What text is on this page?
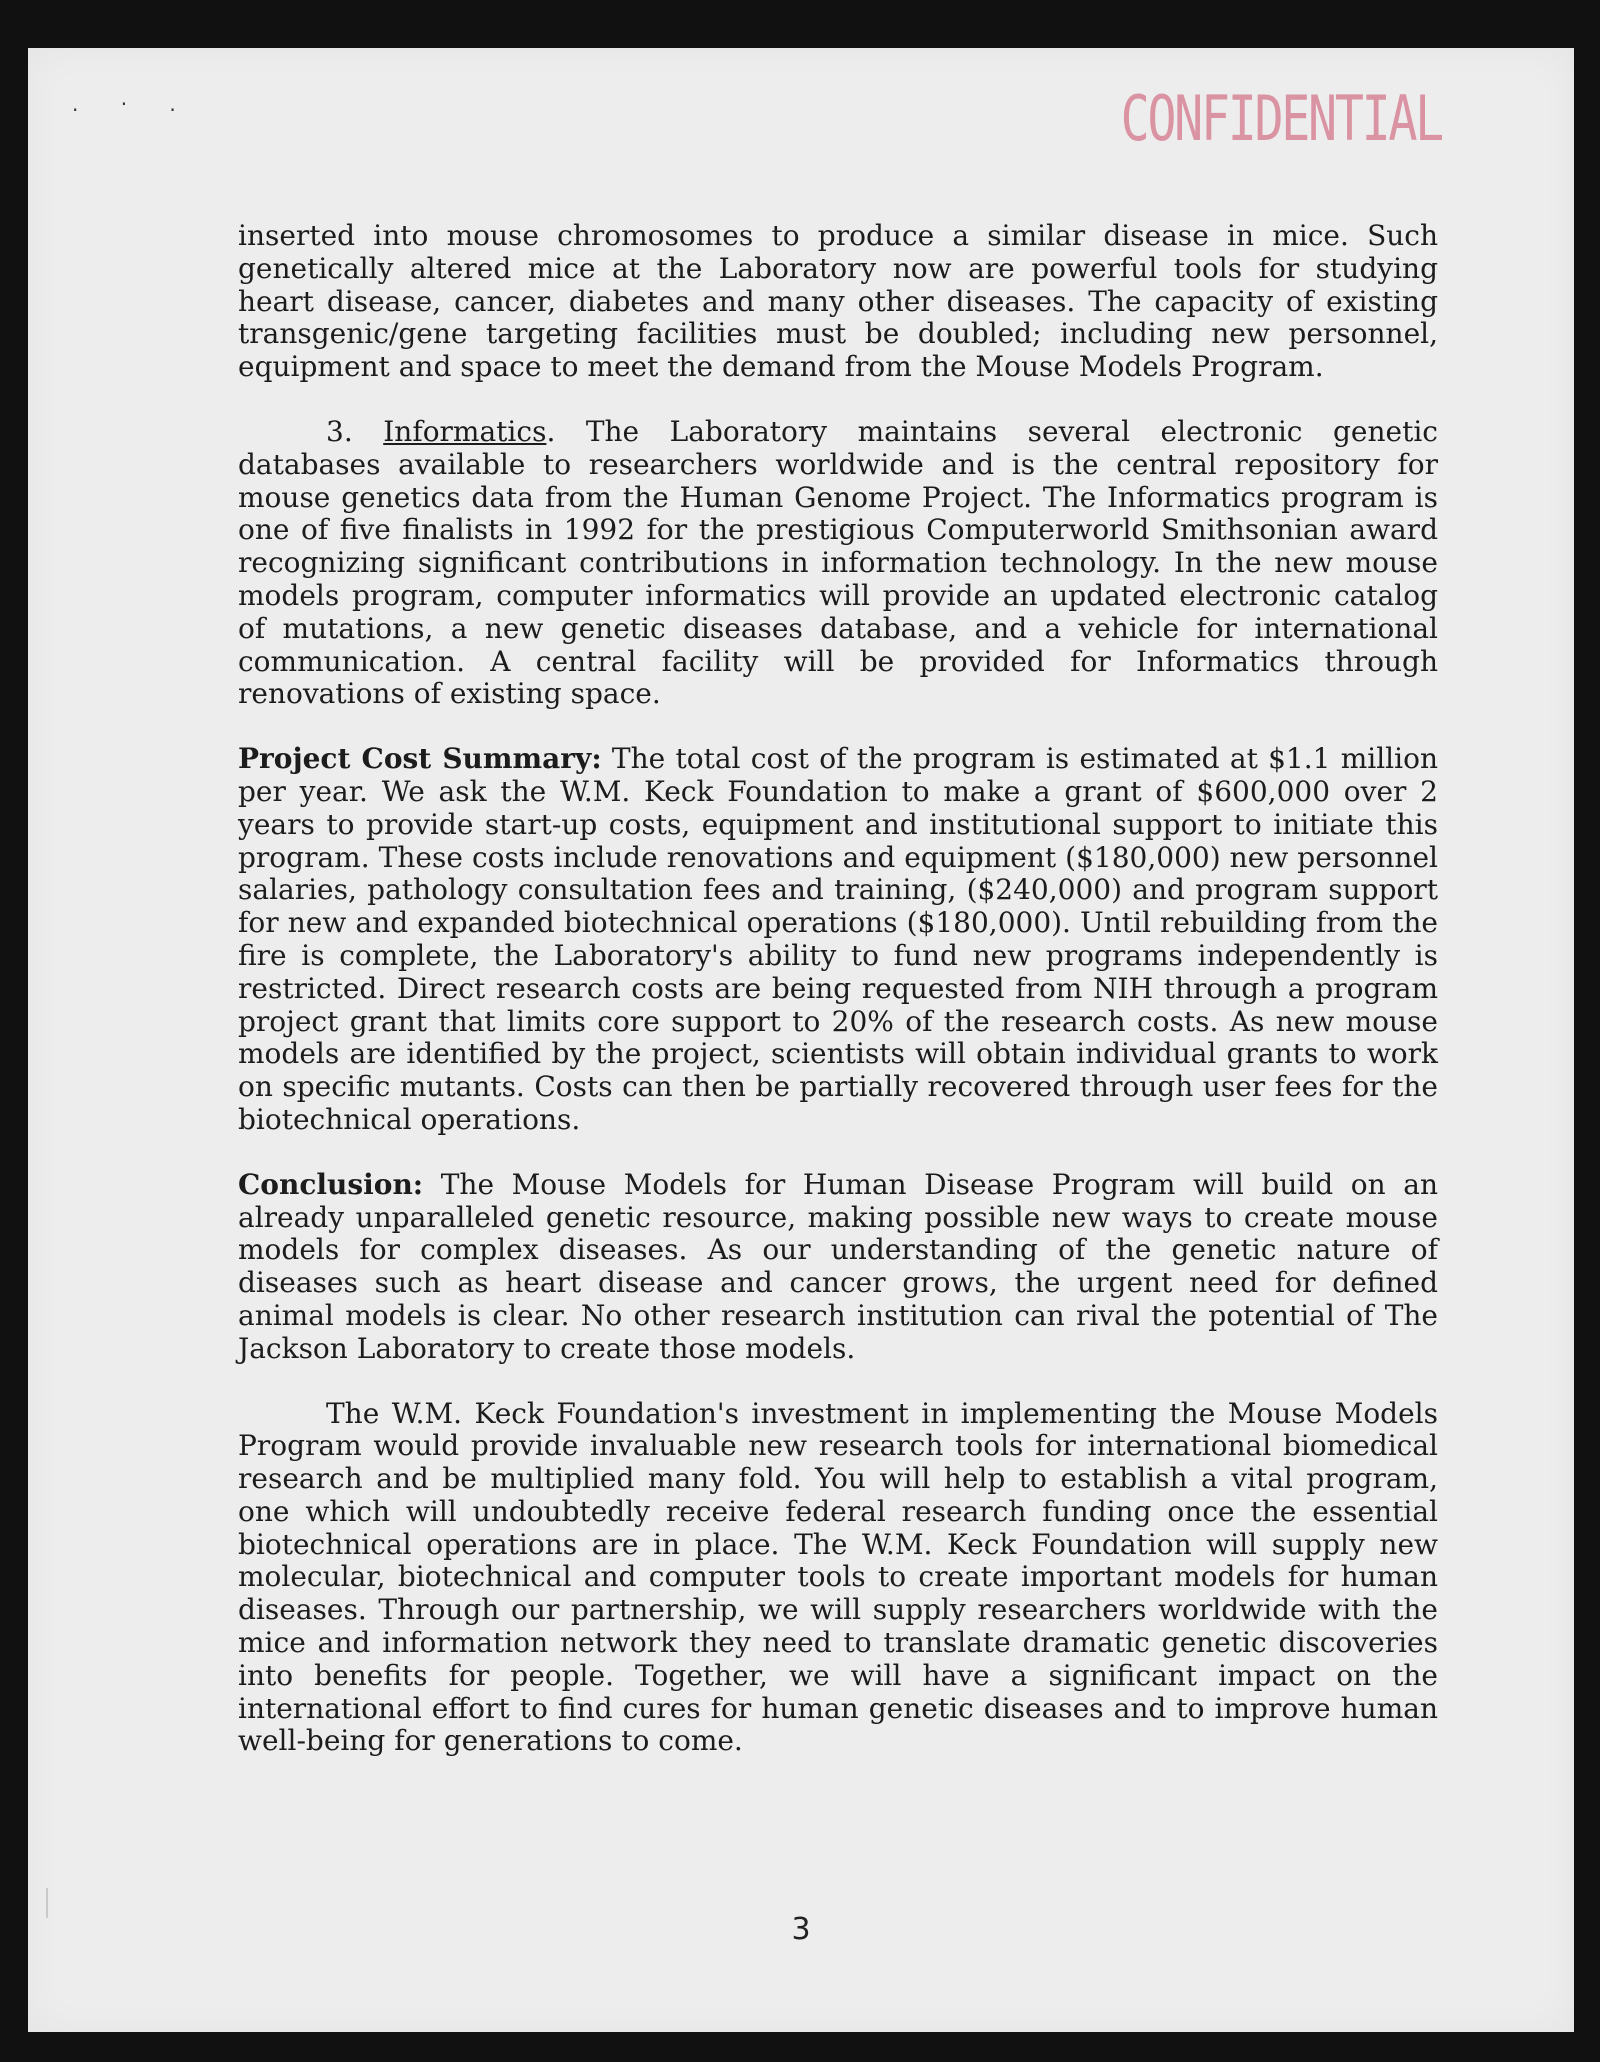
. · .	CONFIDENTIAL

inserted into mouse chromosomes to produce a similar disease in mice. Such genetically altered mice at the Laboratory now are powerful tools for studying heart disease, cancer, diabetes and many other diseases. The capacity of existing transgenic/gene targeting facilities must be doubled; including new personnel, equipment and space to meet the demand from the Mouse Models Program.

3. Informatics. The Laboratory maintains several electronic genetic databases available to researchers worldwide and is the central repository for mouse genetics data from the Human Genome Project. The Informatics program is one of five finalists in 1992 for the prestigious Computerworld Smithsonian award recognizing significant contributions in information technology. In the new mouse models program, computer informatics will provide an updated electronic catalog of mutations, a new genetic diseases database, and a vehicle for international communication. A central facility will be provided for Informatics through renovations of existing space.

Project Cost Summary: The total cost of the program is estimated at $1.1 million per year. We ask the W.M. Keck Foundation to make a grant of $600,000 over 2 years to provide start-up costs, equipment and institutional support to initiate this program. These costs include renovations and equipment ($180,000) new personnel salaries, pathology consultation fees and training, ($240,000) and program support for new and expanded biotechnical operations ($180,000). Until rebuilding from the fire is complete, the Laboratory's ability to fund new programs independently is restricted. Direct research costs are being requested from NIH through a program project grant that limits core support to 20% of the research costs. As new mouse models are identified by the project, scientists will obtain individual grants to work on specific mutants. Costs can then be partially recovered through user fees for the biotechnical operations.

Conclusion: The Mouse Models for Human Disease Program will build on an already unparalleled genetic resource, making possible new ways to create mouse models for complex diseases. As our understanding of the genetic nature of diseases such as heart disease and cancer grows, the urgent need for defined animal models is clear. No other research institution can rival the potential of The Jackson Laboratory to create those models.

The W.M. Keck Foundation's investment in implementing the Mouse Models Program would provide invaluable new research tools for international biomedical research and be multiplied many fold. You will help to establish a vital program, one which will undoubtedly receive federal research funding once the essential biotechnical operations are in place. The W.M. Keck Foundation will supply new molecular, biotechnical and computer tools to create important models for human diseases. Through our partnership, we will supply researchers worldwide with the mice and information network they need to translate dramatic genetic discoveries into benefits for people. Together, we will have a significant impact on the international effort to find cures for human genetic diseases and to improve human well-being for generations to come.

3
